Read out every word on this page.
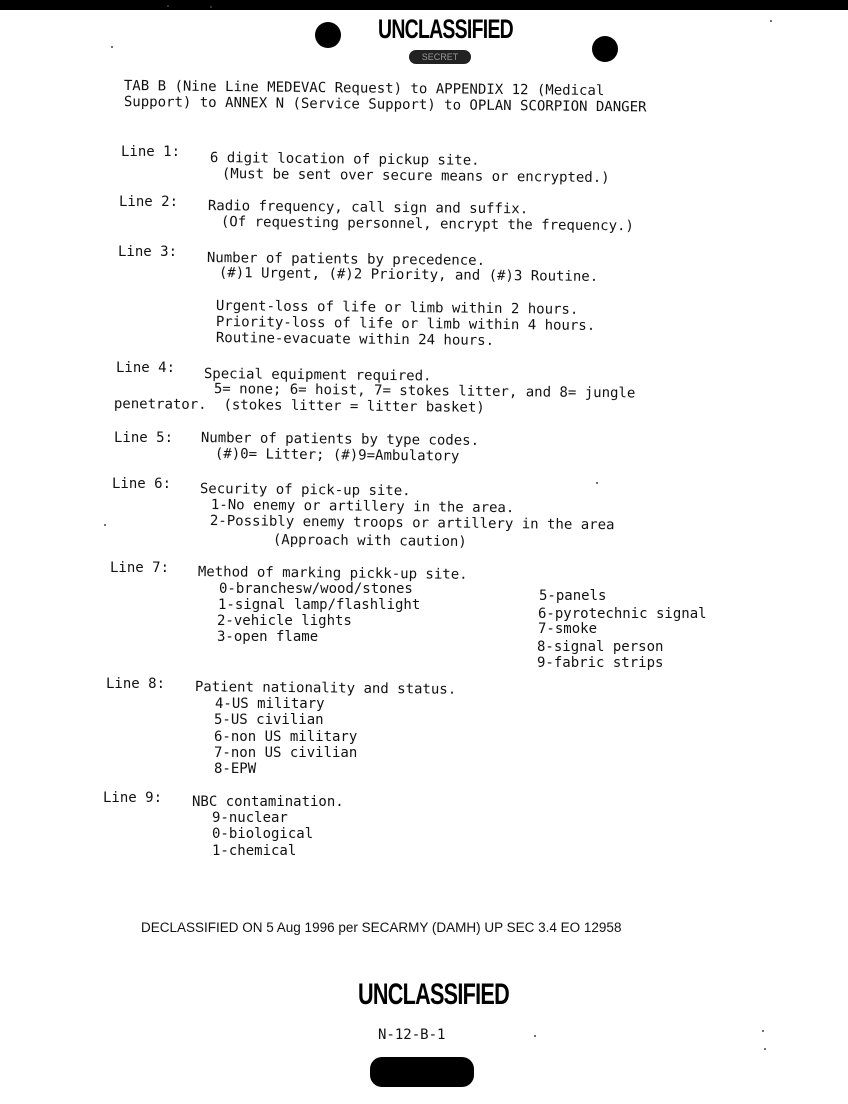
UNCLASSIFIED
SECRET
TAB B (Nine Line MEDEVAC Request) to APPENDIX 12 (Medical
Support) to ANNEX N (Service Support) to OPLAN SCORPION DANGER
Line 1: 6 digit location of pickup site.
(Must be sent over secure means or encrypted.)
Line 2: Radio frequency, call sign and suffix.
(Of requesting personnel, encrypt the frequency.)
Line 3: Number of patients by precedence.
(#)1 Urgent, (#)2 Priority, and (#)3 Routine.
Urgent-loss of life or limb within 2 hours.
Priority-loss of life or limb within 4 hours.
Routine-evacuate within 24 hours.
Line 4: Special equipment required.
5= none; 6= hoist, 7= stokes litter, and 8= jungle
penetrator.  (stokes litter = litter basket)
Line 5: Number of patients by type codes.
(#)0= Litter; (#)9=Ambulatory
Line 6: Security of pick-up site.
1-No enemy or artillery in the area.
2-Possibly enemy troops or artillery in the area
(Approach with caution)
Line 7: Method of marking pickk-up site.
0-branchesw/wood/stones
1-signal lamp/flashlight
2-vehicle lights
3-open flame
5-panels
6-pyrotechnic signal
7-smoke
8-signal person
9-fabric strips
Line 8: Patient nationality and status.
4-US military
5-US civilian
6-non US military
7-non US civilian
8-EPW
Line 9: NBC contamination.
9-nuclear
0-biological
1-chemical
DECLASSIFIED ON 5 Aug 1996 per SECARMY (DAMH) UP SEC 3.4 EO 12958
UNCLASSIFIED
N-12-B-1
